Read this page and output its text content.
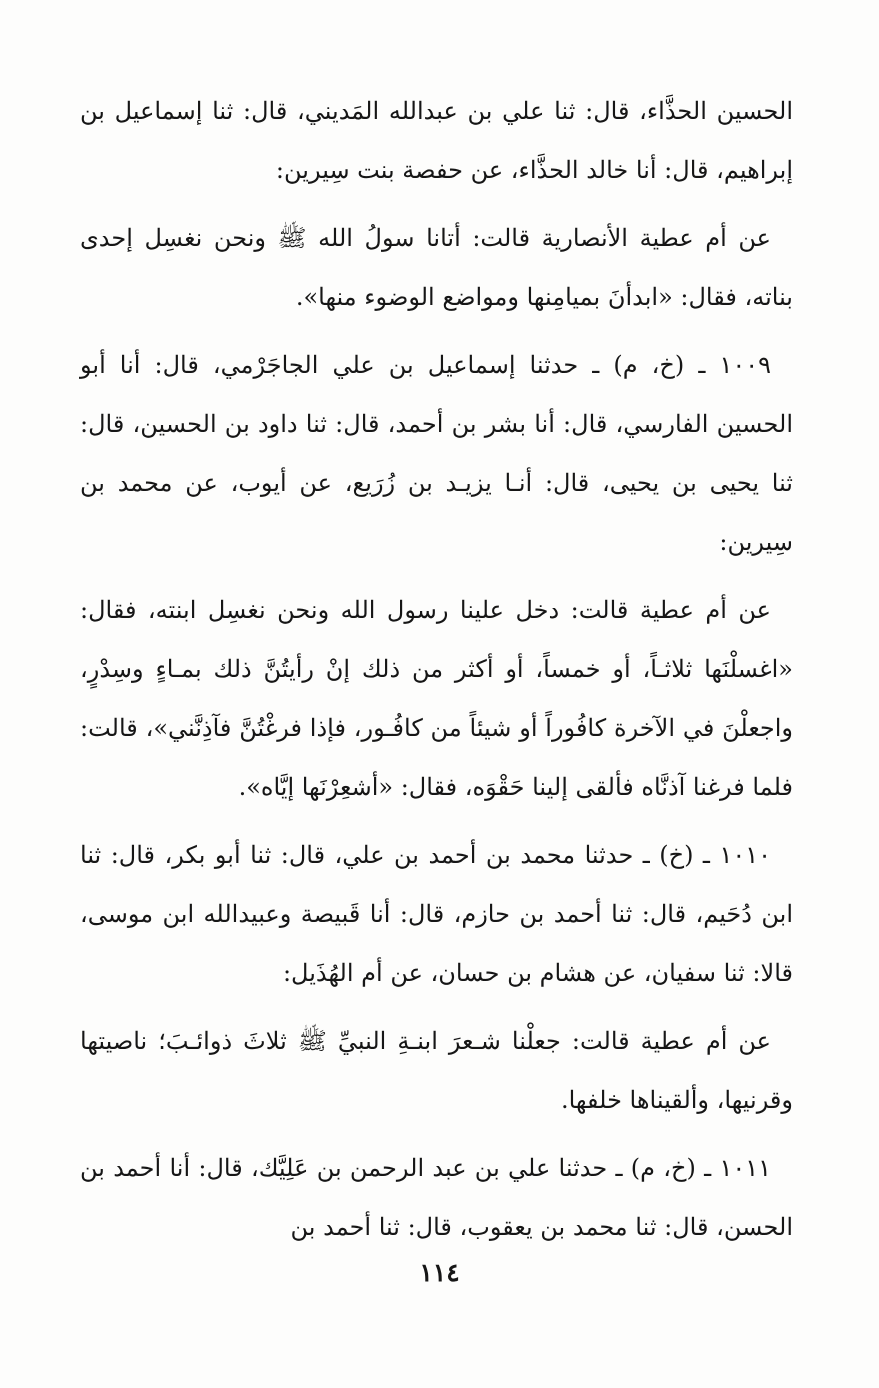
الحسين الحذَّاء، قال: ثنا علي بن عبدالله المَديني، قال: ثنا إسماعيل بن إبراهيم، قال: أنا خالد الحذَّاء، عن حفصة بنت سِيرين:

عن أم عطية الأنصارية قالت: أتانا سولُ الله ﷺ ونحن نغسِل إحدى بناته، فقال: «ابدأنَ بميامِنها ومواضع الوضوء منها».

١٠٠٩ ـ (خ، م) ـ حدثنا إسماعيل بن علي الجاجَرْمي، قال: أنا أبو الحسين الفارسي، قال: أنا بشر بن أحمد، قال: ثنا داود بن الحسين، قال: ثنا يحيى بن يحيى، قال: أنـا يزيـد بن زُرَيع، عن أيوب، عن محمد بن سِيرين:

عن أم عطية قالت: دخل علينا رسول الله ونحن نغسِل ابنته، فقال: «اغسلْنَها ثلاثـاً، أو خمساً، أو أكثر من ذلك إنْ رأيتُنَّ ذلك بمـاءٍ وسِدْرٍ، واجعلْنَ في الآخرة كافُوراً أو شيئاً من كافُـور، فإذا فرغْتُنَّ فآذِنَّني»، قالت: فلما فرغنا آذنَّاه فألقى إلينا حَقْوَه، فقال: «أشعِرْنَها إيَّاه».

١٠١٠ ـ (خ) ـ حدثنا محمد بن أحمد بن علي، قال: ثنا أبو بكر، قال: ثنا ابن دُحَيم، قال: ثنا أحمد بن حازم، قال: أنا قَبيصة وعبيدالله ابن موسى، قالا: ثنا سفيان، عن هشام بن حسان، عن أم الهُذَيل:

عن أم عطية قالت: جعلْنا شـعرَ ابنـةِ النبيِّ ﷺ ثلاثَ ذوائـبَ؛ ناصيتها وقرنيها، وألقيناها خلفها.

١٠١١ ـ (خ، م) ـ حدثنا علي بن عبد الرحمن بن عَلِيَّك، قال: أنا أحمد بن الحسن، قال: ثنا محمد بن يعقوب، قال: ثنا أحمد بن

١١٤
